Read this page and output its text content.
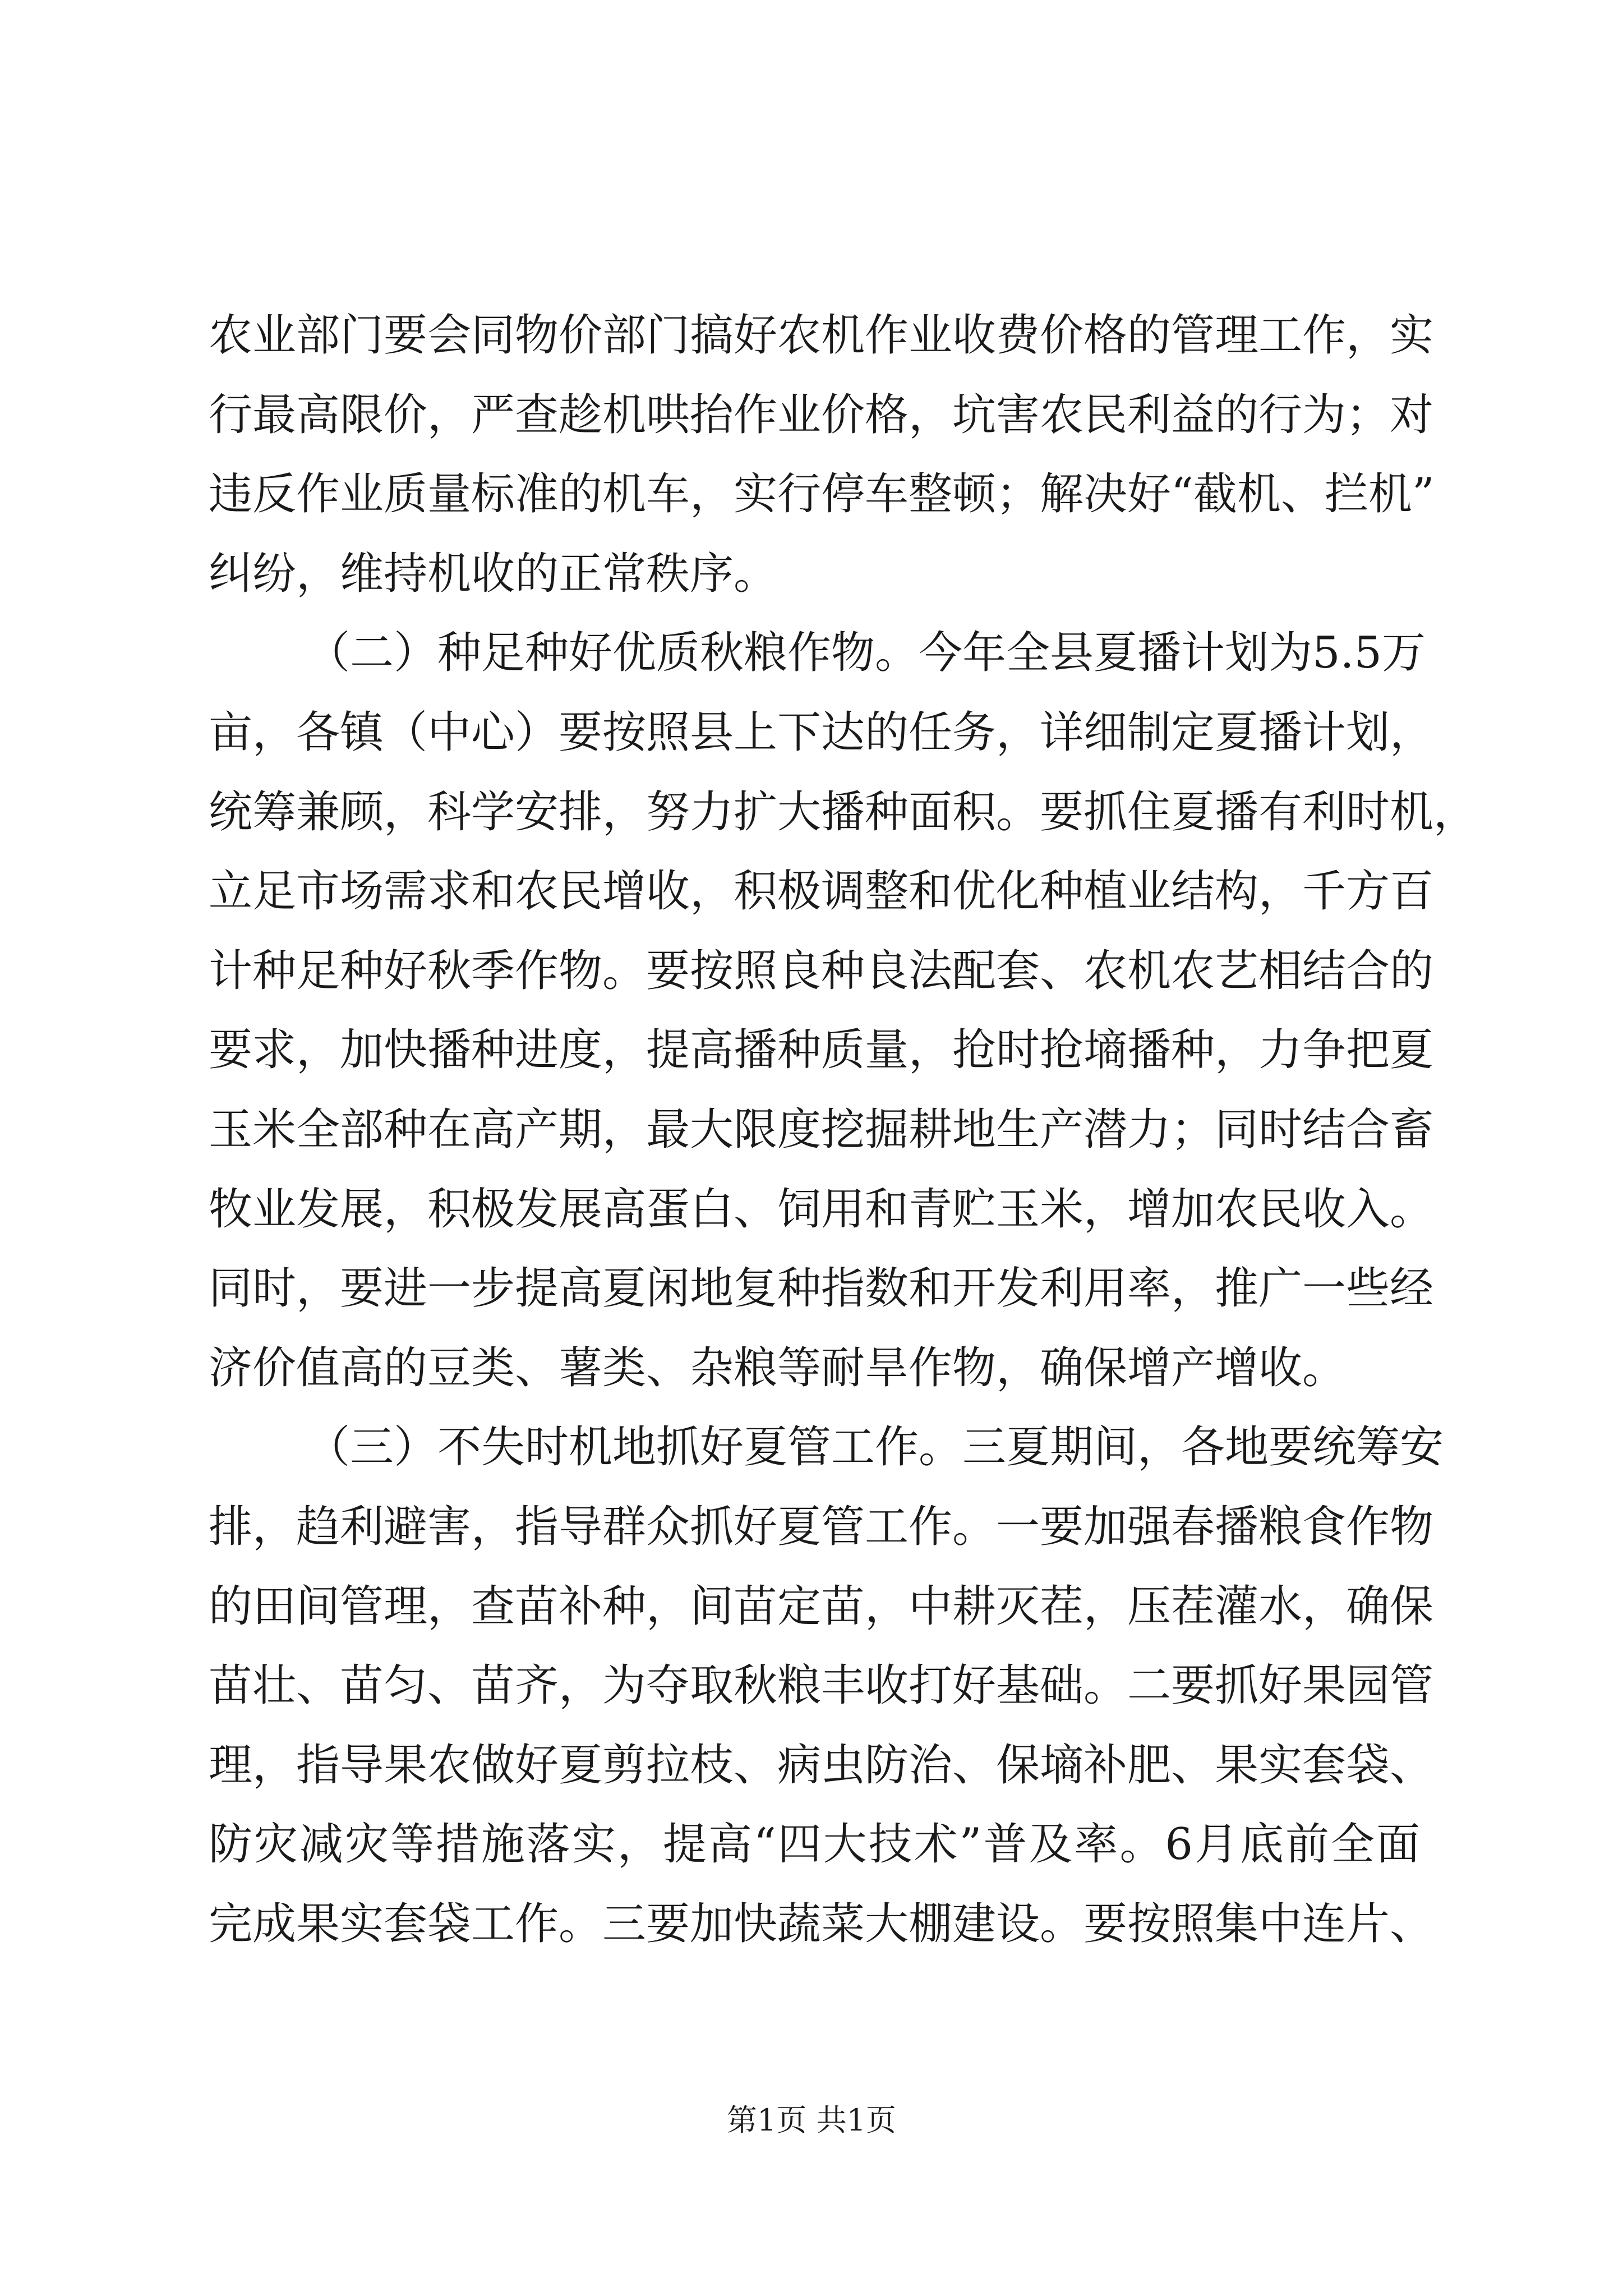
农业部门要会同物价部门搞好农机作业收费价格的管理工作，实
行最高限价，严查趁机哄抬作业价格，坑害农民利益的行为；对
违反作业质量标准的机车，实行停车整顿；解决好“截机、拦机”
纠纷，维持机收的正常秩序。
（二）种足种好优质秋粮作物。今年全县夏播计划为5.5万
亩，各镇（中心）要按照县上下达的任务，详细制定夏播计划，
统筹兼顾，科学安排，努力扩大播种面积。要抓住夏播有利时机，
立足市场需求和农民增收，积极调整和优化种植业结构，千方百
计种足种好秋季作物。要按照良种良法配套、农机农艺相结合的
要求，加快播种进度，提高播种质量，抢时抢墒播种，力争把夏
玉米全部种在高产期，最大限度挖掘耕地生产潜力；同时结合畜
牧业发展，积极发展高蛋白、饲用和青贮玉米，增加农民收入。
同时，要进一步提高夏闲地复种指数和开发利用率，推广一些经
济价值高的豆类、薯类、杂粮等耐旱作物，确保增产增收。
（三）不失时机地抓好夏管工作。三夏期间，各地要统筹安
排，趋利避害，指导群众抓好夏管工作。一要加强春播粮食作物
的田间管理，查苗补种，间苗定苗，中耕灭茬，压茬灌水，确保
苗壮、苗匀、苗齐，为夺取秋粮丰收打好基础。二要抓好果园管
理，指导果农做好夏剪拉枝、病虫防治、保墒补肥、果实套袋、
防灾减灾等措施落实，提高“四大技术”普及率。6月底前全面
完成果实套袋工作。三要加快蔬菜大棚建设。要按照集中连片、
第1页 共1页
